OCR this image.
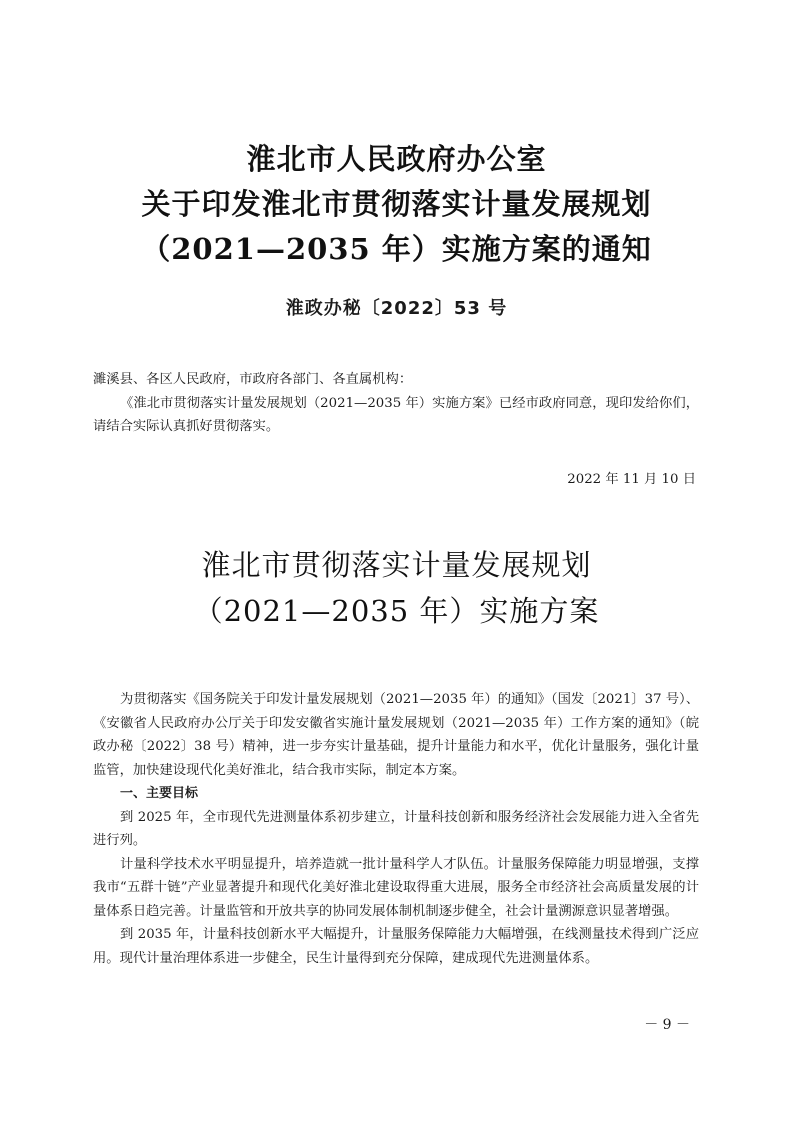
淮北市人民政府办公室
关于印发淮北市贯彻落实计量发展规划
（2021—2035 年）实施方案的通知
淮政办秘〔2022〕53 号

濉溪县、各区人民政府，市政府各部门、各直属机构：

《淮北市贯彻落实计量发展规划（2021—2035 年）实施方案》已经市政府同意，现印发给你们，请结合实际认真抓好贯彻落实。

2022 年 11 月 10 日
淮北市贯彻落实计量发展规划
（2021—2035 年）实施方案

为贯彻落实《国务院关于印发计量发展规划（2021—2035 年）的通知》（国发〔2021〕37 号）、《安徽省人民政府办公厅关于印发安徽省实施计量发展规划（2021—2035 年）工作方案的通知》（皖政办秘〔2022〕38 号）精神，进一步夯实计量基础，提升计量能力和水平，优化计量服务，强化计量监管，加快建设现代化美好淮北，结合我市实际，制定本方案。

一、主要目标

到 2025 年，全市现代先进测量体系初步建立，计量科技创新和服务经济社会发展能力进入全省先进行列。

计量科学技术水平明显提升，培养造就一批计量科学人才队伍。计量服务保障能力明显增强，支撑我市“五群十链”产业显著提升和现代化美好淮北建设取得重大进展，服务全市经济社会高质量发展的计量体系日趋完善。计量监管和开放共享的协同发展体制机制逐步健全，社会计量溯源意识显著增强。

到 2035 年，计量科技创新水平大幅提升，计量服务保障能力大幅增强，在线测量技术得到广泛应用。现代计量治理体系进一步健全，民生计量得到充分保障，建成现代先进测量体系。

－ 9 －
